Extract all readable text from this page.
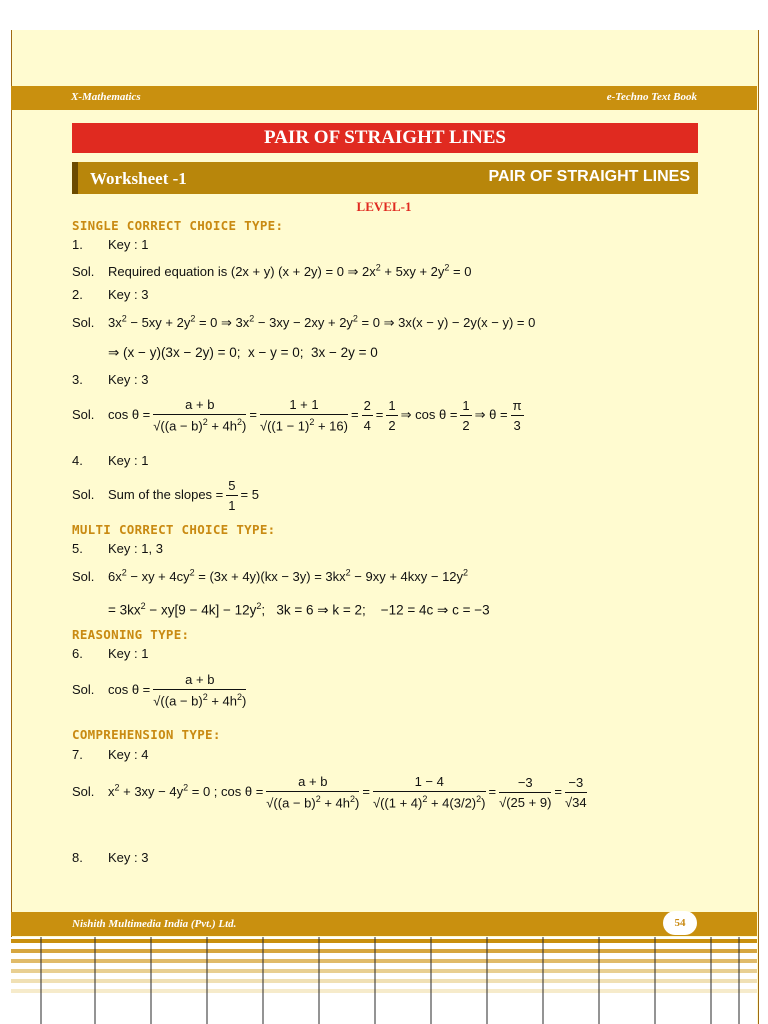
X-Mathematics	e-Techno Text Book
PAIR OF STRAIGHT LINES
Worksheet -1	PAIR OF STRAIGHT LINES
LEVEL-1
SINGLE CORRECT CHOICE TYPE:
1. Key : 1
Sol. Required equation is (2x + y) (x + 2y) = 0 ⇒ $2x^2 + 5xy + 2y^2 = 0$
2. Key : 3
Sol. $3x^2 - 5xy + 2y^2 = 0$ ⇒ $3x^2 - 3xy - 2xy + 2y^2 = 0$ ⇒ 3x(x − y) − 2y(x − y) = 0
⇒ (x − y)(3x − 2y) = 0;  x − y = 0;  3x − 2y = 0
3. Key : 3
Sol. $\cos \theta = \frac{a + b}{√((a - b)^2 + 4h^2)} = \frac{1 + 1}{√((1 - 1)^2 + 16)} = \frac{2}{4} = \frac{1}{2}$ ⇒ $\cos \theta = \frac{1}{2}$ ⇒ $\theta = \frac{\pi}{3}$
4. Key : 1
Sol. Sum of the slopes = $\frac{5}{1} = 5$
MULTI CORRECT CHOICE TYPE:
5. Key : 1, 3
Sol. $6x^2$ − xy + $4cy^2 = (3x + 4y)(kx - 3y) = 3kx^2 - 9xy + 4kxy - 12y^2$
= $3kx^2 - xy[9 - 4k] - 12y^2$;   3k = 6 ⇒ k = 2;    −12 = 4c ⇒ c = −3
REASONING TYPE:
6. Key : 1
Sol. $\cos \theta = \frac{a + b}{√((a - b)^2 + 4h^2)}$
COMPREHENSION TYPE:
7. Key : 4
Sol. $x^2 + 3xy - 4y^2 = 0$ ; $\cos \theta = \frac{a + b}{√((a - b)^2 + 4h^2)} = \frac{1 - 4}{√((1 + 4)^2 + 4(3/2)^2)} = \frac{-3}{√(25 + 9)} = \frac{-3}{√34}$
8. Key : 3
Nishith Multimedia India (Pvt.) Ltd.	54
